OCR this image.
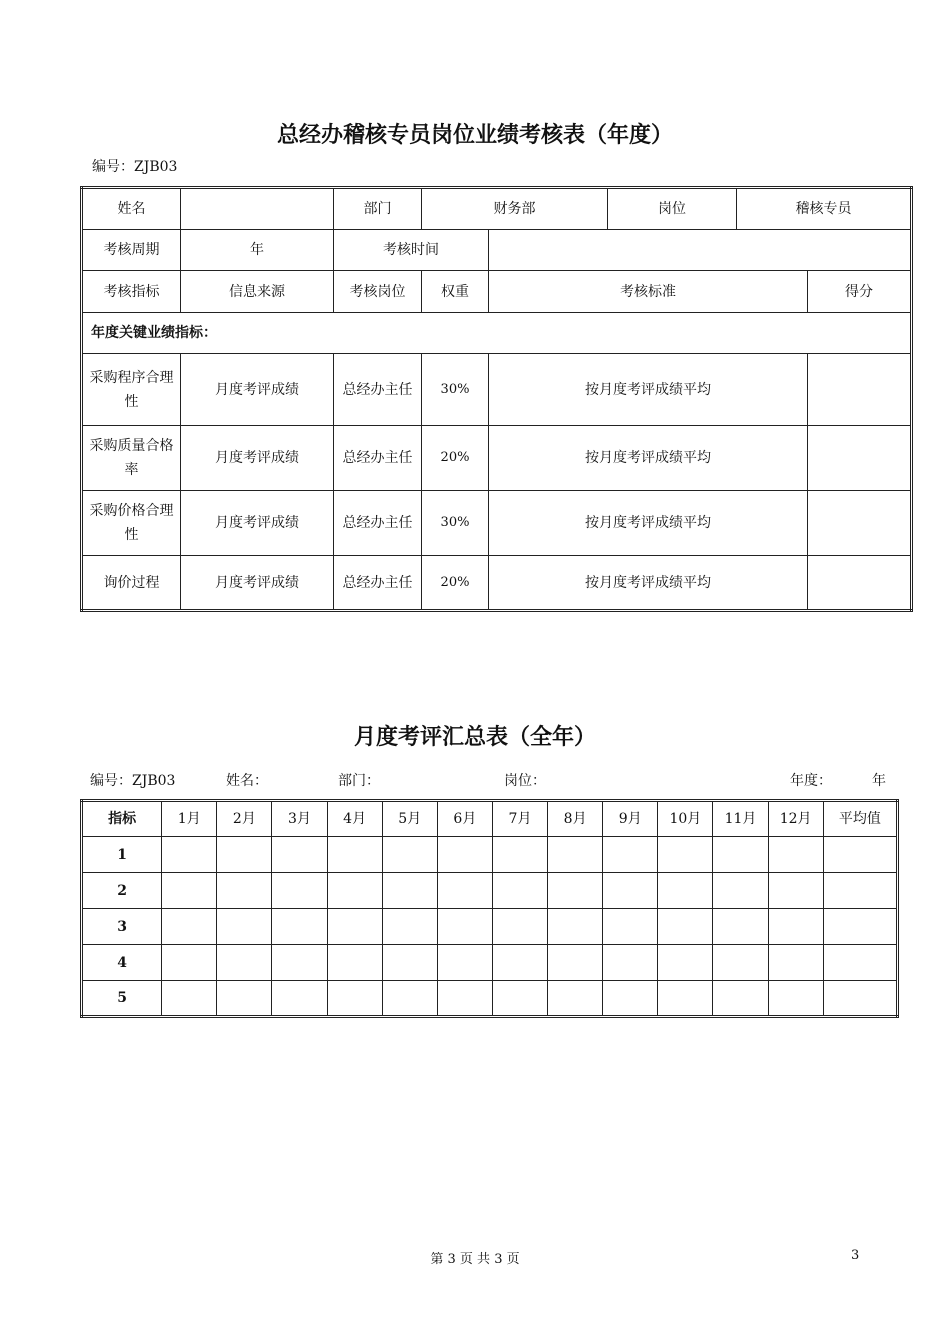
总经办稽核专员岗位业绩考核表（年度）
编号：ZJB03
姓名		部门	财务部		岗位	稽核专员	
考核周期	年	考核时间					
考核指标	信息来源	考核岗位	权重	考核标准			得分
年度关键业绩指标：							
采购程序合理性	月度考评成绩	总经办主任	30%	按月度考评成绩平均			
采购质量合格率	月度考评成绩	总经办主任	20%	按月度考评成绩平均			
采购价格合理性	月度考评成绩	总经办主任	30%	按月度考评成绩平均			
询价过程	月度考评成绩	总经办主任	20%	按月度考评成绩平均			
月度考评汇总表（全年）
编号：ZJB03	姓名：	部门：	岗位：	年度：	年
指标	1月	2月	3月	4月	5月	6月	7月	8月	9月	10月	11月	12月	平均值
1													
2													
3													
4													
5													
第 3 页 共 3 页	3
